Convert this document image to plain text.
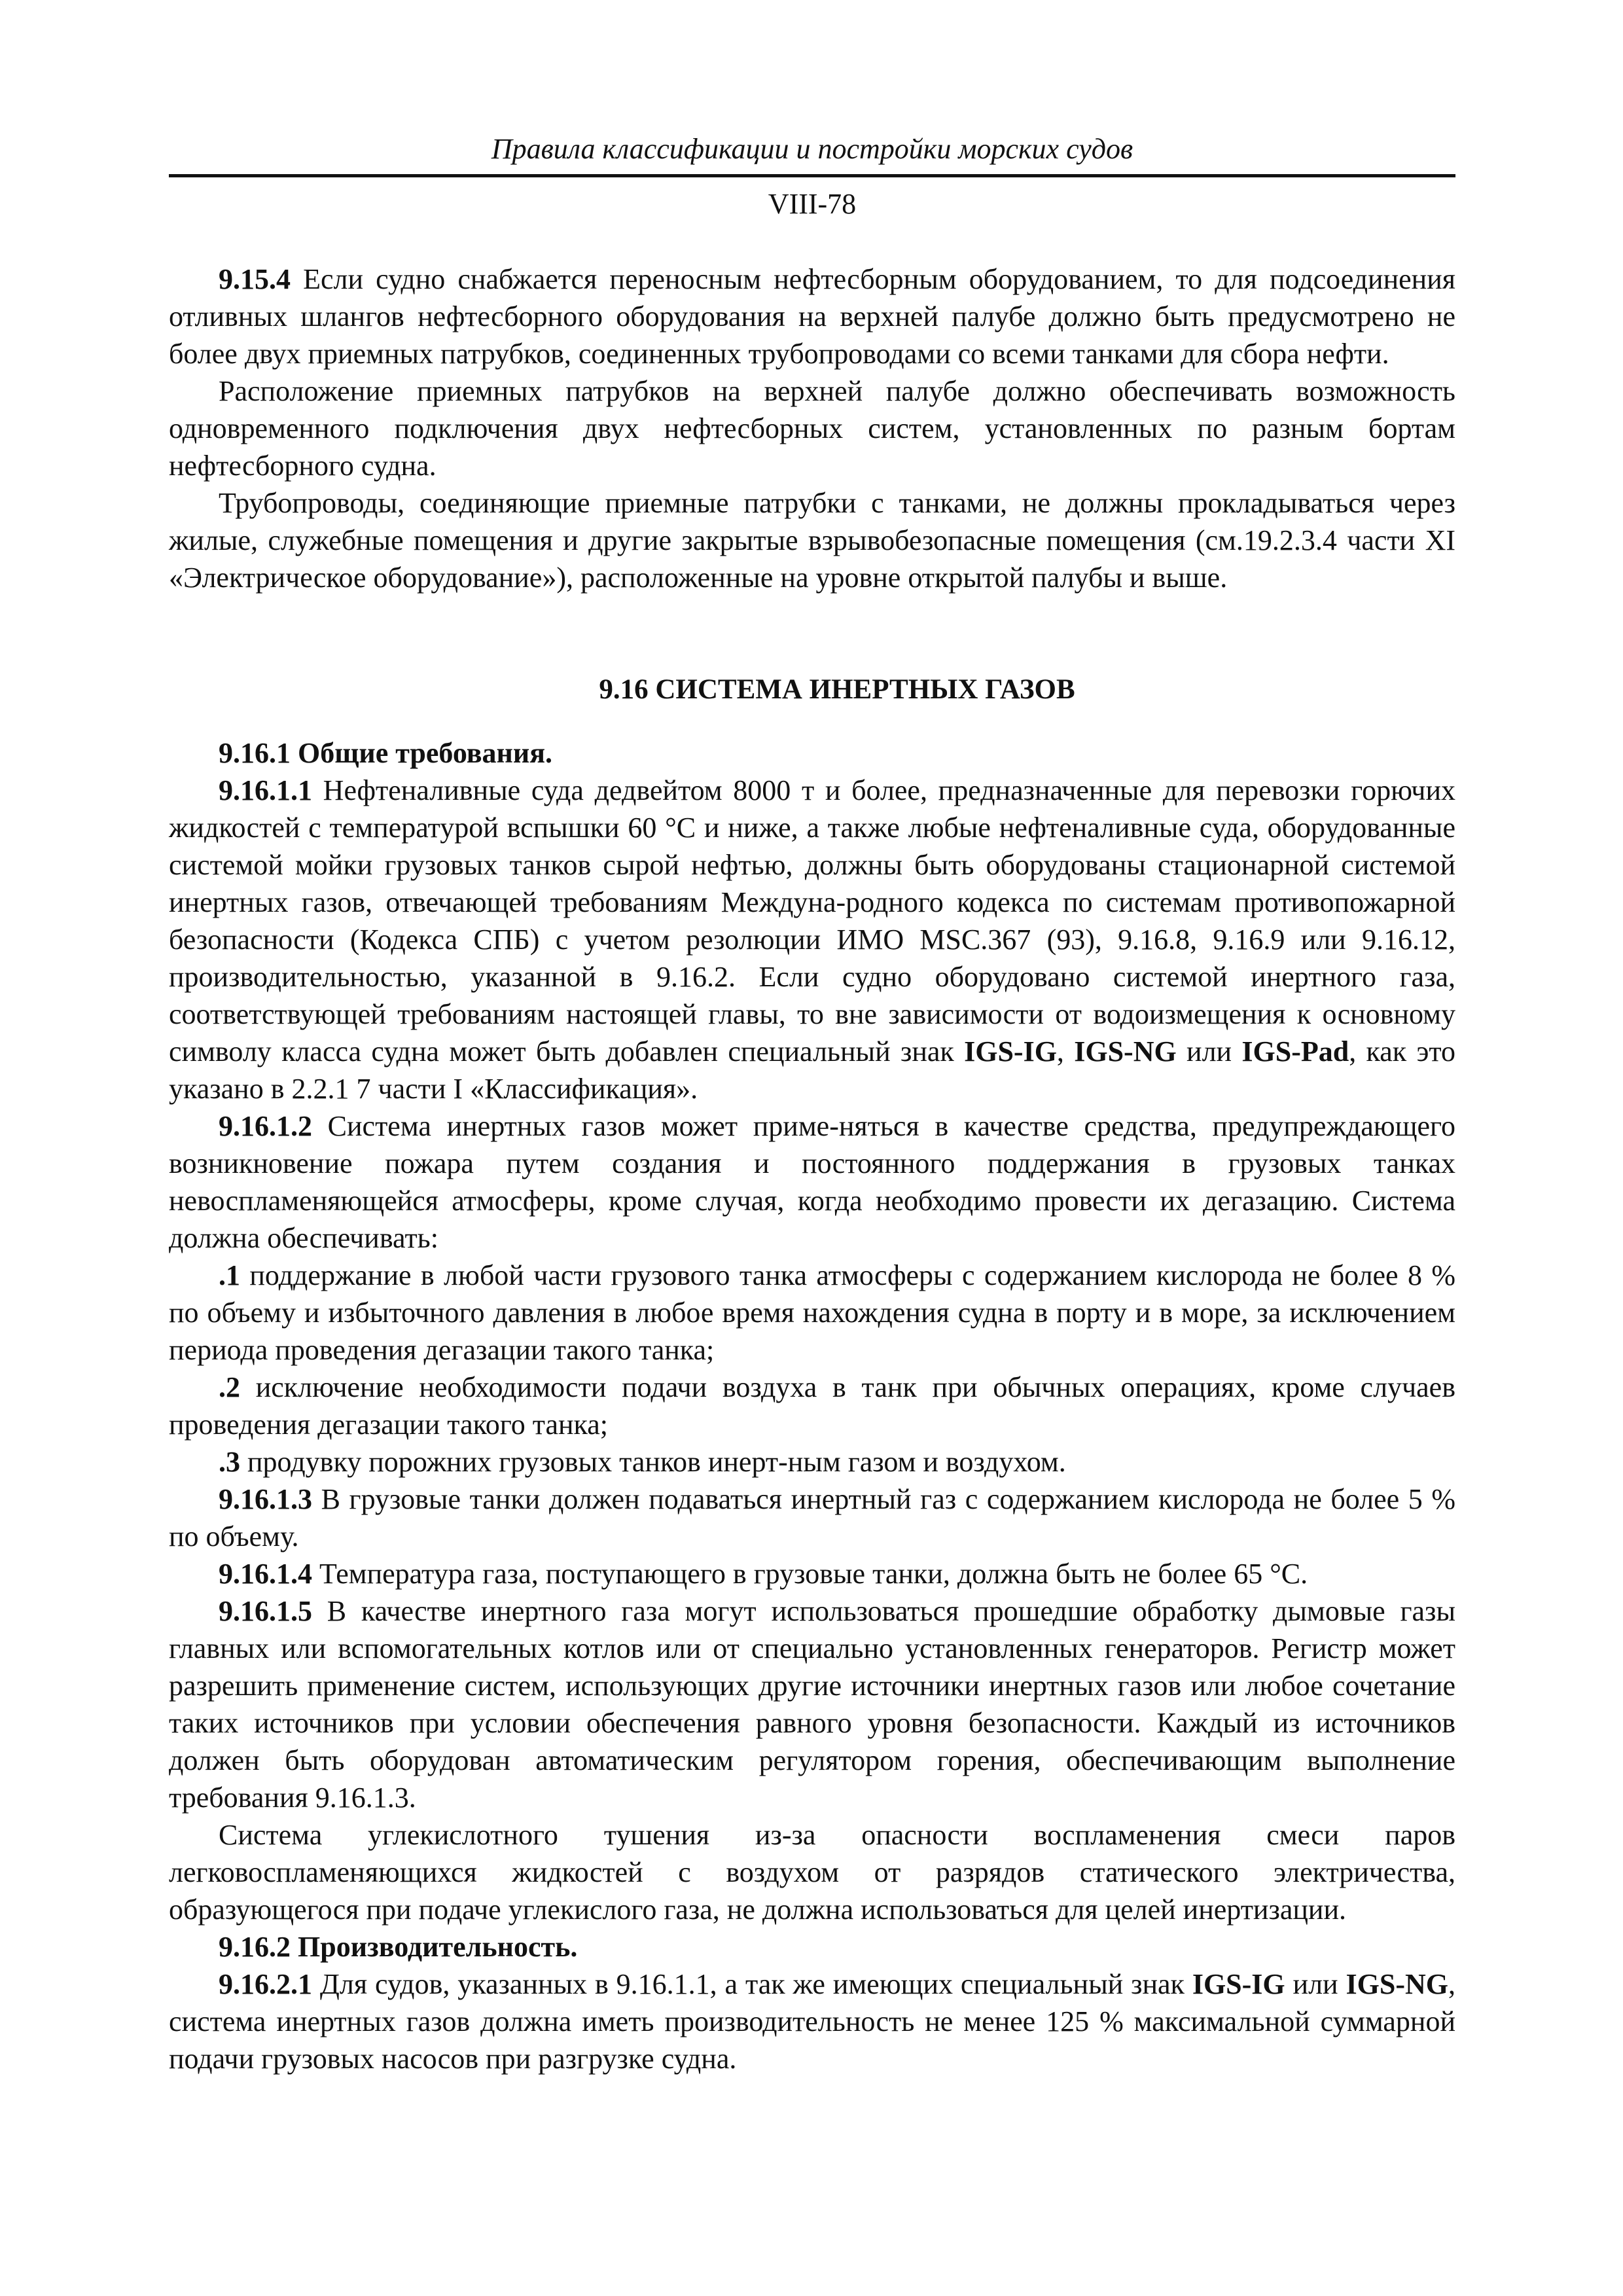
Правила классификации и постройки морских судов
VIII-78

9.15.4 Если судно снабжается переносным нефтесборным оборудованием, то для подсоединения отливных шлангов нефтесборного оборудования на верхней палубе должно быть предусмотрено не более двух приемных патрубков, соединенных трубопроводами со всеми танками для сбора нефти.

Расположение приемных патрубков на верхней палубе должно обеспечивать возможность одновременного подключения двух нефтесборных систем, установленных по разным бортам нефтесборного судна.

Трубопроводы, соединяющие приемные патрубки с танками, не должны прокладываться через жилые, служебные помещения и другие закрытые взрывобезопасные помещения (см.19.2.3.4 части XI «Электрическое оборудование»), расположенные на уровне открытой палубы и выше.

9.16 СИСТЕМА ИНЕРТНЫХ ГАЗОВ

9.16.1 Общие требования.

9.16.1.1 Нефтеналивные суда дедвейтом 8000 т и более, предназначенные для перевозки горючих жидкостей с температурой вспышки 60 °С и ниже, а также любые нефтеналивные суда, оборудованные системой мойки грузовых танков сырой нефтью, должны быть оборудованы стационарной системой инертных газов, отвечающей требованиям Междуна-родного кодекса по системам противопожарной безопасности (Кодекса СПБ) с учетом резолюции ИМО MSC.367 (93), 9.16.8, 9.16.9 или 9.16.12, производительностью, указанной в 9.16.2. Если судно оборудовано системой инертного газа, соответствующей требованиям настоящей главы, то вне зависимости от водоизмещения к основному символу класса судна может быть добавлен специальный знак IGS-IG, IGS-NG или IGS-Pad, как это указано в 2.2.1 7 части I «Классификация».

9.16.1.2 Система инертных газов может приме-няться в качестве средства, предупреждающего возникновение пожара путем создания и постоянного поддержания в грузовых танках невоспламеняющейся атмосферы, кроме случая, когда необходимо провести их дегазацию. Система должна обеспечивать:

.1 поддержание в любой части грузового танка атмосферы с содержанием кислорода не более 8 % по объему и избыточного давления в любое время нахождения судна в порту и в море, за исключением периода проведения дегазации такого танка;

.2 исключение необходимости подачи воздуха в танк при обычных операциях, кроме случаев проведения дегазации такого танка;

.3 продувку порожних грузовых танков инерт-ным газом и воздухом.

9.16.1.3 В грузовые танки должен подаваться инертный газ с содержанием кислорода не более 5 % по объему.

9.16.1.4 Температура газа, поступающего в грузовые танки, должна быть не более 65 °С.

9.16.1.5 В качестве инертного газа могут использоваться прошедшие обработку дымовые газы главных или вспомогательных котлов или от специально установленных генераторов. Регистр может разрешить применение систем, использующих другие источники инертных газов или любое сочетание таких источников при условии обеспечения равного уровня безопасности. Каждый из источников должен быть оборудован автоматическим регулятором горения, обеспечивающим выполнение требования 9.16.1.3.

Система углекислотного тушения из-за опасности воспламенения смеси паров легковоспламеняющихся жидкостей с воздухом от разрядов статического электричества, образующегося при подаче углекислого газа, не должна использоваться для целей инертизации.

9.16.2 Производительность.

9.16.2.1 Для судов, указанных в 9.16.1.1, а так же имеющих специальный знак IGS-IG или IGS-NG, система инертных газов должна иметь производительность не менее 125 % максимальной суммарной подачи грузовых насосов при разгрузке судна.
